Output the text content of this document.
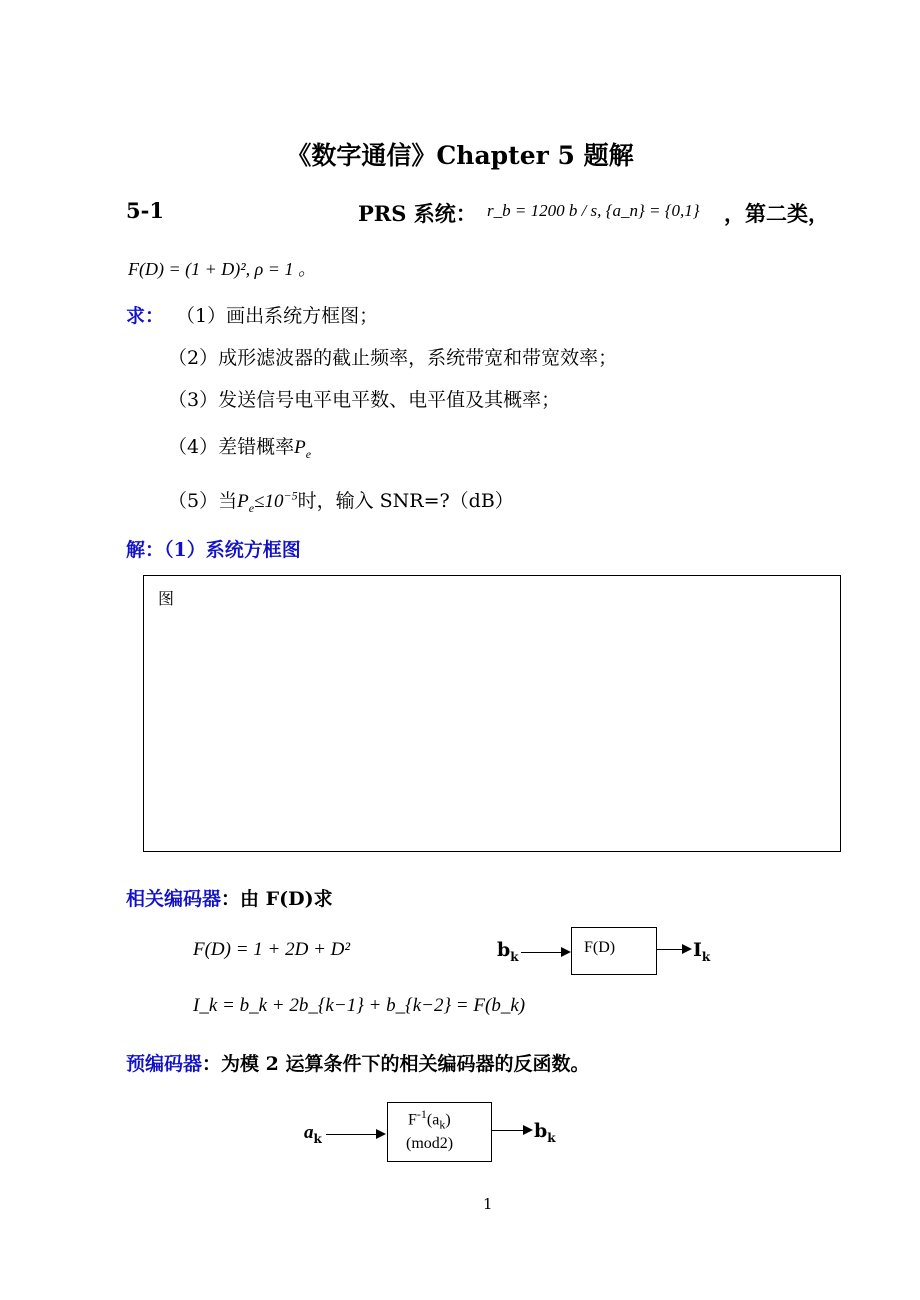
《数字通信》Chapter 5 题解
5-1	PRS 系统： r_b = 1200 b / s, {a_n} = {0,1} ，第二类，
F(D) = (1 + D)², ρ = 1 。
求： （1）画出系统方框图；
（2）成形滤波器的截止频率，系统带宽和带宽效率；
（3）发送信号电平电平数、电平值及其概率；
（4）差错概率$P_e$
（5）当$P_e\le 10^{-5}$时，输入 SNR=?（dB）
解：（1）系统方框图
图
相关编码器：由 F(D)求
F(D) = 1 + 2D + D²
I_k = b_k + 2b_{k−1} + b_{k−2} = F(b_k)
$b_k$
F(D)	$I_k$
预编码器：为模 2 运算条件下的相关编码器的反函数。
$a_k$
$F^{-1}(a_k)$
(mod2)
$b_k$
1
